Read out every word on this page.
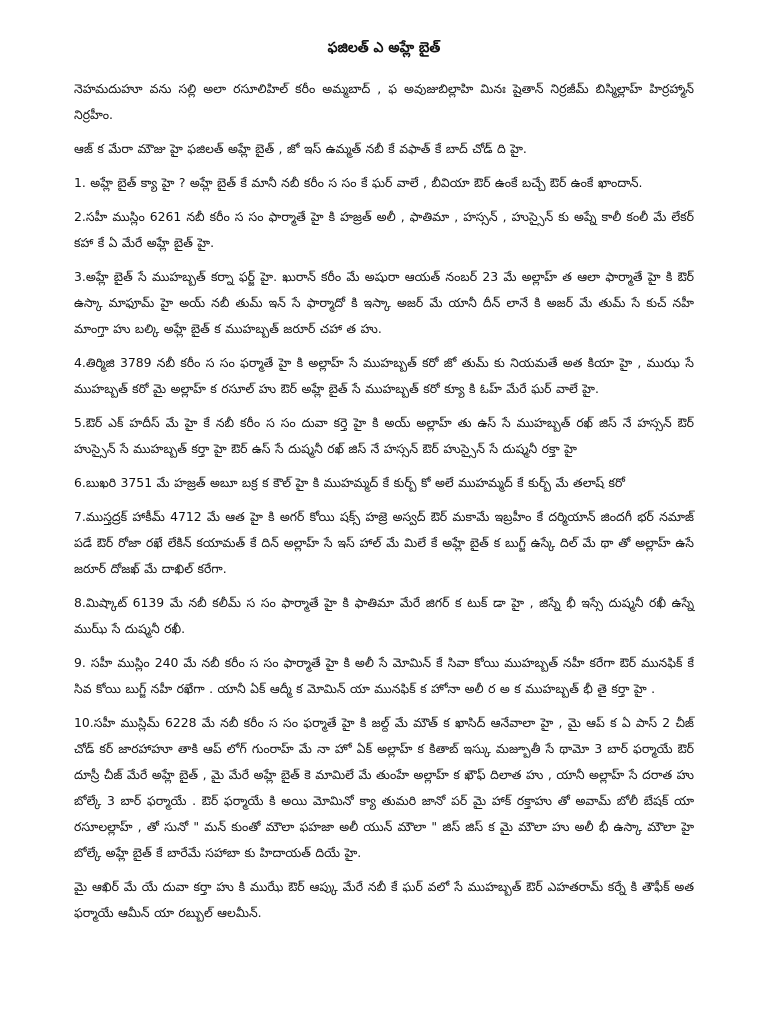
ఫజిలత్ ఎ అహ్లే బైత్

నెహమదుహూ వను సల్లి అలా రసూలిహిల్ కరీం అమ్మబాద్ , ఫ అవుజుబిల్లాహి మినః షైతాన్ నిర్రజీమ్ బిస్మిల్లాహ్ హిర్రహ్మాన్ నిర్రహీం.

ఆజ్ క మేరా మౌజు హై ఫజిలత్ అహ్లే బైత్ , జో ఇస్ ఉమ్మత్ నబీ కే వఫాత్ కే బాద్ చోడ్ ది హై.

1. అహ్లే బైత్ క్యా హై ? అహ్లే బైత్ కే మానీ నబీ కరీం స సం కే ఘర్ వాలే , బీవియా ఔర్ ఉంకే బచ్చే ఔర్ ఉంకే ఖాందాన్.

2.సహీ ముస్లిం 6261 నబీ కరీం స సం ఫార్మాతే హై కి హజ్రత్ అలీ , ఫాతిమా , హస్సన్ , హుస్సైన్ కు అప్నే కాలీ కంలీ మే లేకర్ కహా కే ఏ మేరే అహ్లే బైత్ హై.

3.అహ్లే బైత్ సే ముహబ్బత్ కర్నా ఫర్జ్ హై. ఖురాన్ కరీం మే అషురా ఆయత్ నంబర్ 23 మే అల్లాహ్ త ఆలా ఫార్మాతే హై కి ఔర్ ఉస్కా మాఫూమ్ హై అయ్ నబీ తుమ్ ఇన్ సే ఫార్మాదో కి ఇస్కా అజర్ మే యానీ దీన్ లానే కి అజర్ మే తుమ్ సే కుచ్ నహీ మాంగ్తా హు బల్కి అహ్లే బైత్ క ముహబ్బత్ జరూర్ చహా త హు.

4.తిర్మిజి 3789 నబీ కరీం స సం ఫర్మాతే హై కి అల్లాహ్ సే ముహబ్బత్ కరో జో తుమ్ కు నియమతే అత కియా హై , ముఝ సే ముహబ్బత్ కరో మై అల్లాహ్ క రసూల్ హు ఔర్ అహ్లే బైత్ సే ముహబ్బత్ కరో క్యూ కి ఓహ్ మేరే ఘర్ వాలే హై.

5.ఔర్ ఎక్ హదీస్ మే హై కే నబీ కరీం స సం దువా కర్తె హై కి అయ్ అల్లాహ్ తు ఉస్ సే ముహబ్బత్ రఖ్ జిస్ నే హస్సన్ ఔర్ హుస్సైన్ సే ముహబ్బత్ కర్తా హై ఔర్ ఉస్ సే దుష్మనీ రఖ్ జిస్ నే హస్సన్ ఔర్ హుస్సైన్ సే దుష్మనీ రక్తా హై

6.బుఖరి 3751 మే హజ్రత్ అబూ బక్ర క కౌల్ హై కి ముహమ్మద్ కే కుర్బ్ కో అలే ముహమ్మద్ కే కుర్బ్ మే తలాష్ కరో

7.ముస్తద్రక్ హాకీమ్ 4712 మే ఆత హై కి అగర్ కోయి షక్స్ హజ్రె అస్వద్ ఔర్ మకామే ఇబ్రహీం కే దర్మియాన్ జిందగీ భర్ నమాజ్ పడే ఔర్ రోజా రఖే లేకిన్ కయామత్ కే దిన్ అల్లాహ్ సే ఇస్ హాల్ మే మిలే కే అహ్లే బైత్ క బుగ్జ్ ఉస్కే దిల్ మే థా తో అల్లాహ్ ఉసే జరూర్ దోజఖ్ మే దాఖిల్ కరేగా.

8.మిష్కాట్ 6139 మే నబీ కలీమ్ స సం ఫార్మాతే హై కి ఫాతిమా మేరే జిగర్ క టుక్ డా హై , జిస్నే భీ ఇస్సే దుష్మనీ రఖీ ఉస్నే ముఝ్ సే దుష్మనీ రఖీ.

9. సహీ ముస్లిం 240 మే నబీ కరీం స సం ఫార్మాతే హై కి అలీ సే మోమిన్ కే సివా కోయి ముహబ్బత్ నహీ కరేగా ఔర్ మునఫిక్ కే సివ కోయి బుగ్జ్ నహీ రఖేగా . యానీ ఏక్ ఆద్మీ క మోమిన్ యా మునఫిక్ క హోనా అలీ ర అ క ముహబ్బత్ భీ తై కర్తా హై .

10.సహీ ముస్లిమ్ 6228 మే నబీ కరీం స సం ఫర్మాతే హై కి జల్ద్ మే మౌత్ క ఖాసిద్ ఆనేవాలా హై , మై ఆప్ క ఏ పాస్ 2 చీజ్ చోడ్ కర్ జారహాహూ తాకి ఆప్ లోగ్ గుంరాహ్ మే నా హో ఏక్ అల్లాహ్ క కితాబ్ ఇస్కు మజ్బూతీ సే థామో 3 బార్ ఫర్మాయే ఔర్ దూస్రీ చీజ్ మేరే అహ్లే బైత్ , మై మేరే అహ్లే బైత్ కె మామిలే మే తుంహే అల్లాహ్ క ఖౌఫ్ దిలాత హు , యానీ అల్లాహ్ సే దరాత హు బోల్కే 3 బార్ ఫర్మాయే . ఔర్ ఫర్మాయే కి అయి మోమినో క్యా తుమరి జానో పర్ మై హాక్ రక్తాహు తో అవామ్ బోలీ బేషక్ యా రసూలల్లాహ్ , తో సునో " మన్ కుంతో మౌలా ఫహజా అలీ యున్ మౌలా " జిస్ జిస్ క మై మౌలా హు అలీ భీ ఉస్కా మౌలా హై బోల్కే అహ్లే బైత్ కే బారేమే సహాబా కు హిదాయత్ దియే హై.

మై ఆఖిర్ మే యే దువా కర్తా హు కి ముఝే ఔర్ ఆప్కు మేరే నబీ కే ఘర్ వలో సే ముహబ్బత్ ఔర్ ఎహతరామ్ కర్నే కి తౌఫీక్ అత ఫర్మాయే ఆమీన్ యా రబ్బుల్ ఆలమీన్.
